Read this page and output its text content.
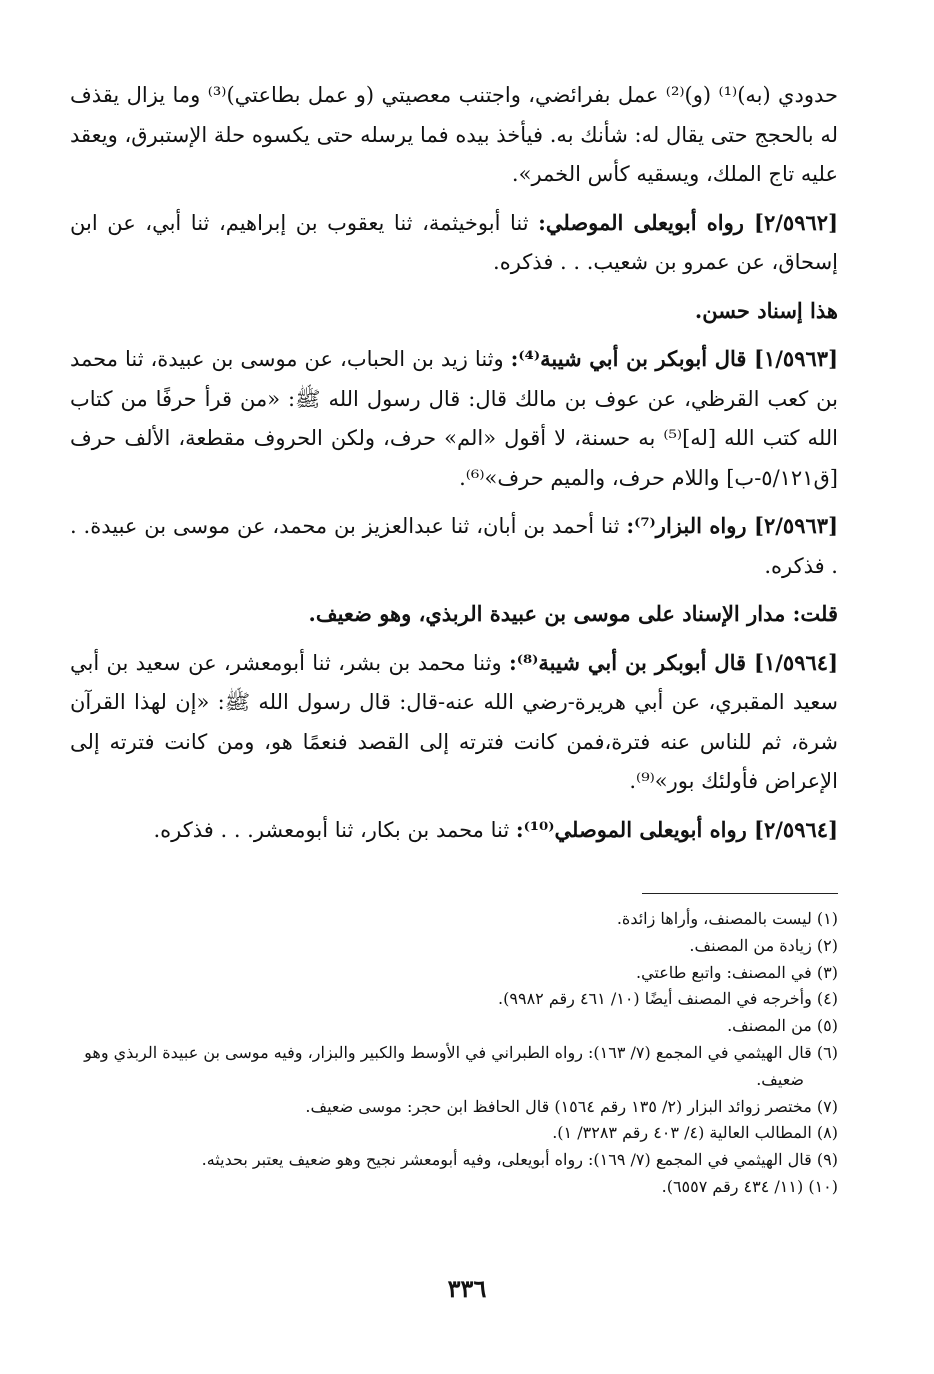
حدودي (به)⁽¹⁾ (و)⁽²⁾ عمل بفرائضي، واجتنب معصيتي (و عمل بطاعتي)⁽³⁾ وما يزال يقذف له بالحجج حتى يقال له: شأنك به. فيأخذ بيده فما يرسله حتى يكسوه حلة الإستبرق، ويعقد عليه تاج الملك، ويسقيه كأس الخمر».

[٢/٥٩٦٢] رواه أبويعلى الموصلي: ثنا أبوخيثمة، ثنا يعقوب بن إبراهيم، ثنا أبي، عن ابن إسحاق، عن عمرو بن شعيب. . . فذكره.

هذا إسناد حسن.

[١/٥٩٦٣] قال أبوبكر بن أبي شيبة⁽⁴⁾: وثنا زيد بن الحباب، عن موسى بن عبيدة، ثنا محمد بن كعب القرظي، عن عوف بن مالك قال: قال رسول الله ﷺ: «من قرأ حرفًا من كتاب الله كتب الله [له]⁽⁵⁾ به حسنة، لا أقول «الم» حرف، ولكن الحروف مقطعة، الألف حرف [ق٥/١٢١-ب] واللام حرف، والميم حرف»⁽⁶⁾.

[٢/٥٩٦٣] رواه البزار⁽⁷⁾: ثنا أحمد بن أبان، ثنا عبدالعزيز بن محمد، عن موسى بن عبيدة. . . فذكره.

قلت: مدار الإسناد على موسى بن عبيدة الربذي، وهو ضعيف.

[١/٥٩٦٤] قال أبوبكر بن أبي شيبة⁽⁸⁾: وثنا محمد بن بشر، ثنا أبومعشر، عن سعيد بن أبي سعيد المقبري، عن أبي هريرة-رضي الله عنه-قال: قال رسول الله ﷺ: «إن لهذا القرآن شرة، ثم للناس عنه فترة،فمن كانت فترته إلى القصد فنعمًا هو، ومن كانت فترته إلى الإعراض فأولئك بور»⁽⁹⁾.

[٢/٥٩٦٤] رواه أبويعلى الموصلي⁽¹⁰⁾: ثنا محمد بن بكار، ثنا أبومعشر. . . فذكره.

(١) ليست بالمصنف، وأراها زائدة.

(٢) زيادة من المصنف.

(٣) في المصنف: واتبع طاعتي.

(٤) وأخرجه في المصنف أيضًا (١٠/ ٤٦١ رقم ٩٩٨٢).

(٥) من المصنف.

(٦) قال الهيثمي في المجمع (٧/ ١٦٣): رواه الطبراني في الأوسط والكبير والبزار، وفيه موسى بن عبيدة الربذي وهو ضعيف.

(٧) مختصر زوائد البزار (٢/ ١٣٥ رقم ١٥٦٤) قال الحافظ ابن حجر: موسى ضعيف.

(٨) المطالب العالية (٤/ ٤٠٣ رقم ٣٢٨٣/ ١).

(٩) قال الهيثمي في المجمع (٧/ ١٦٩): رواه أبويعلى، وفيه أبومعشر نجيح وهو ضعيف يعتبر بحديثه.

(١٠) (١١/ ٤٣٤ رقم ٦٥٥٧).

٣٣٦
